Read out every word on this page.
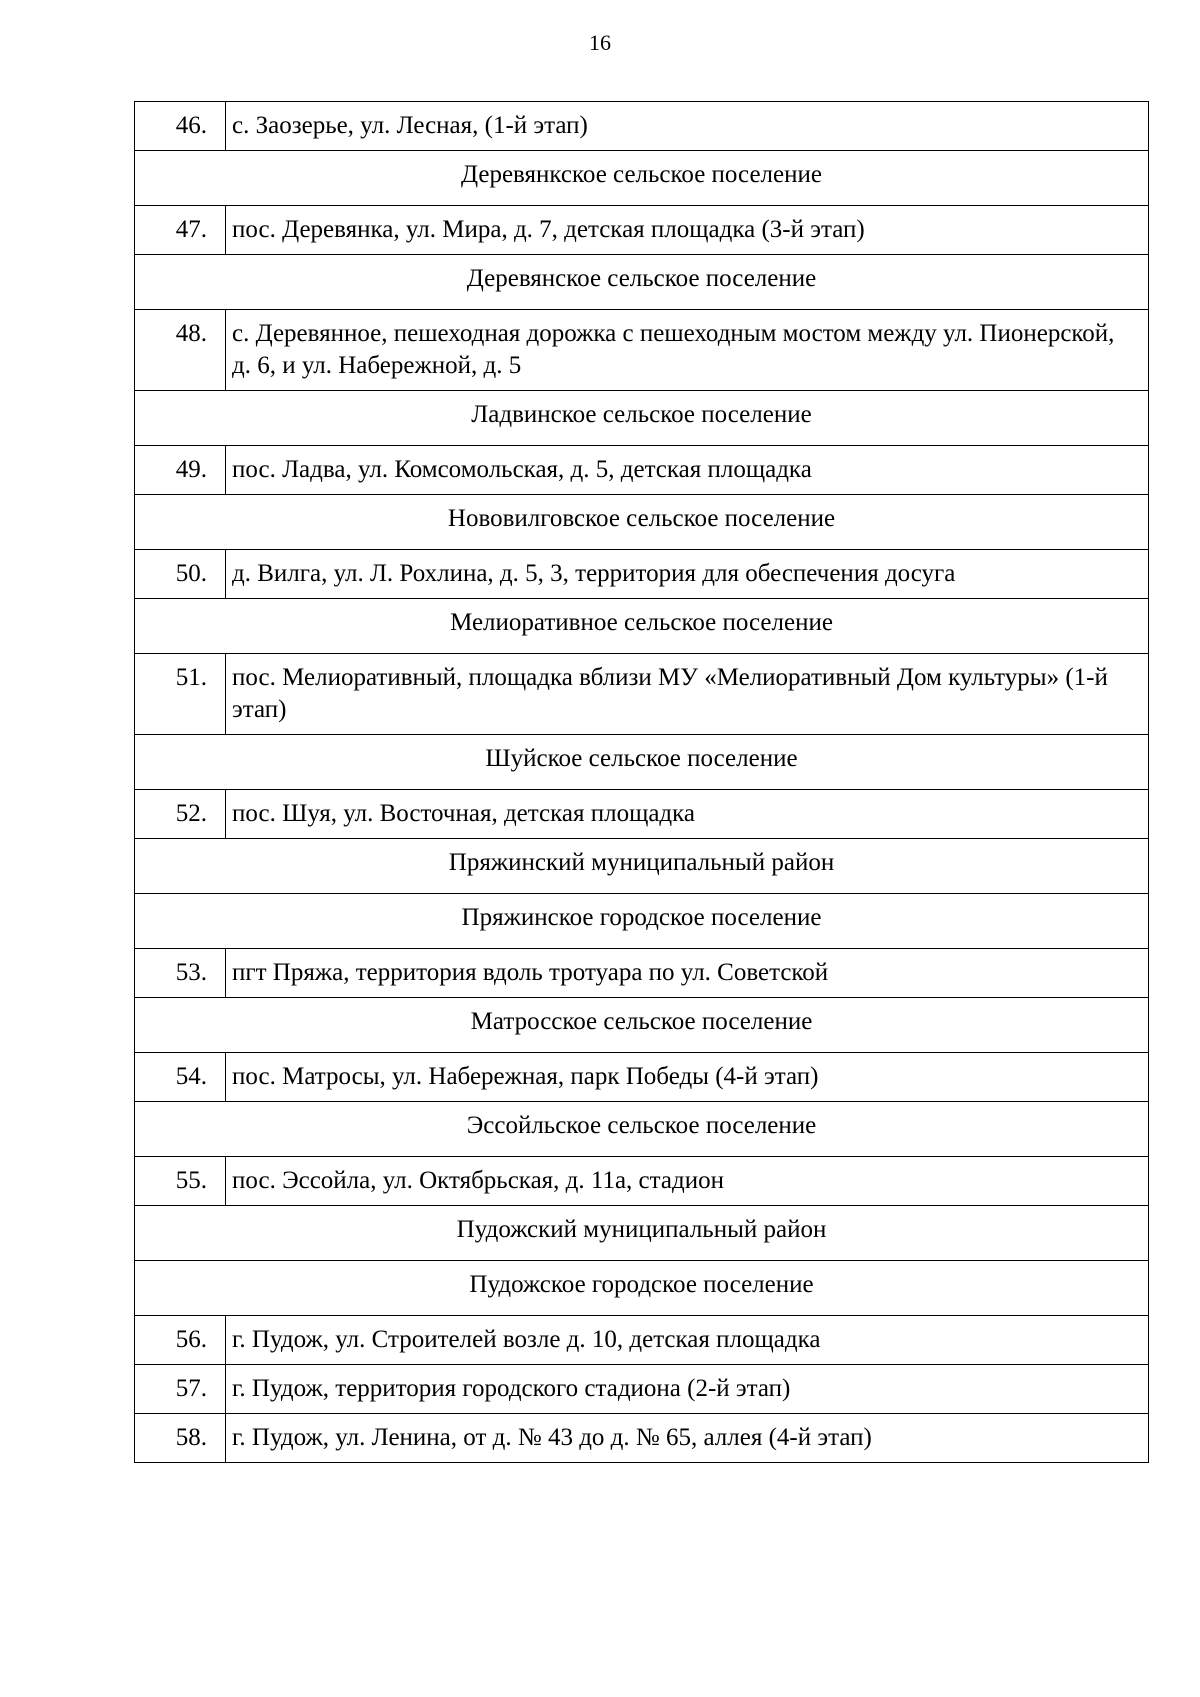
16
46.	с. Заозерье, ул. Лесная, (1-й этап)
Деревянкское сельское поселение	
47.	пос. Деревянка, ул. Мира, д. 7, детская площадка (3-й этап)
Деревянское сельское поселение	
48.	с. Деревянное, пешеходная дорожка с пешеходным мостом между ул. Пионерской, д. 6, и ул. Набережной, д. 5
Ладвинское сельское поселение	
49.	пос. Ладва, ул. Комсомольская, д. 5, детская площадка
Нововилговское сельское поселение	
50.	д. Вилга, ул. Л. Рохлина, д. 5, 3, территория для обеспечения досуга
Мелиоративное сельское поселение	
51.	пос. Мелиоративный, площадка вблизи МУ «Мелиоративный Дом культуры» (1-й этап)
Шуйское сельское поселение	
52.	пос. Шуя, ул. Восточная, детская площадка
Пряжинский муниципальный район	
Пряжинское городское поселение	
53.	пгт Пряжа, территория вдоль тротуара по ул. Советской
Матросское сельское поселение	
54.	пос. Матросы, ул. Набережная, парк Победы (4-й этап)
Эссойльское сельское поселение	
55.	пос. Эссойла, ул. Октябрьская, д. 11а, стадион
Пудожский муниципальный район	
Пудожское городское поселение	
56.	г. Пудож, ул. Строителей возле д. 10, детская площадка
57.	г. Пудож, территория городского стадиона (2-й этап)
58.	г. Пудож, ул. Ленина, от д. № 43 до д. № 65, аллея (4-й этап)
